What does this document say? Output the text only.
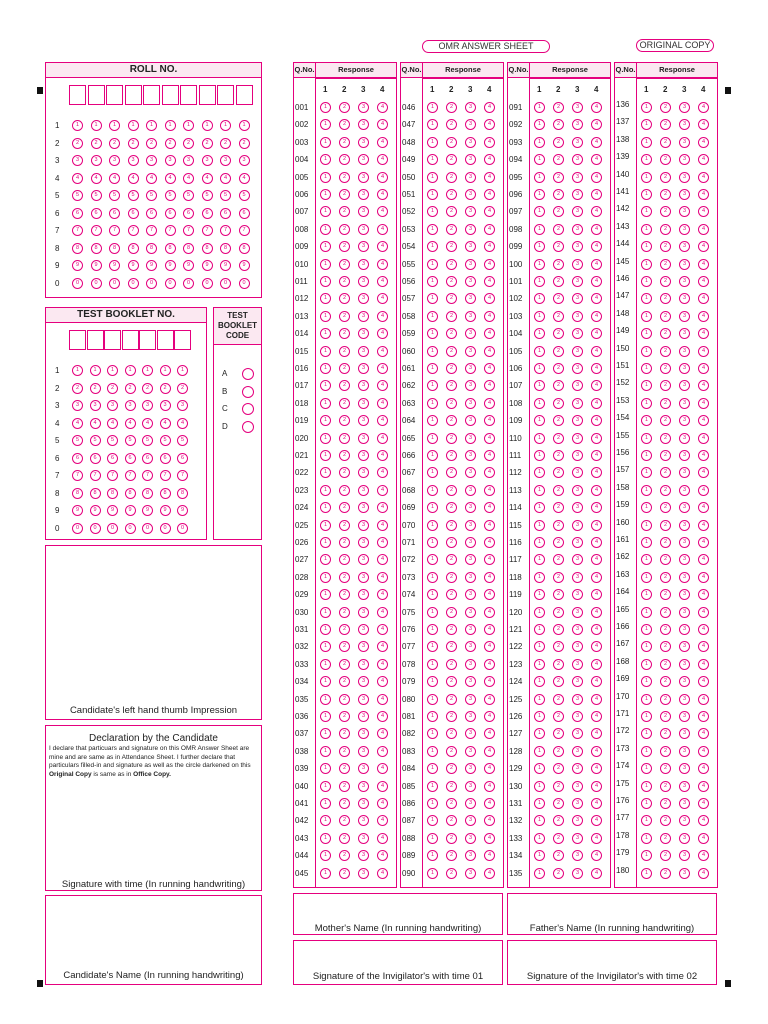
OMR ANSWER SHEET	ORIGINAL COPY
ROLL NO.
1	1	1	1	1	1	1	1	1	1	1
2	2	2	2	2	2	2	2	2	2	2
3	3	3	3	3	3	3	3	3	3	3
4	4	4	4	4	4	4	4	4	4	4
5	5	5	5	5	5	5	5	5	5	5
6	6	6	6	6	6	6	6	6	6	6
7	7	7	7	7	7	7	7	7	7	7
8	8	8	8	8	8	8	8	8	8	8
9	9	9	9	9	9	9	9	9	9	9
0	0	0	0	0	0	0	0	0	0	0
TEST BOOKLET NO.
1	1	1	1	1	1	1	1
2	2	2	2	2	2	2	2
3	3	3	3	3	3	3	3
4	4	4	4	4	4	4	4
5	5	5	5	5	5	5	5
6	6	6	6	6	6	6	6
7	7	7	7	7	7	7	7
8	8	8	8	8	8	8	8
9	9	9	9	9	9	9	9
0	0	0	0	0	0	0	0
TEST
BOOKLET
CODE
A
B
C
D
Candidate's left hand thumb Impression
Declaration by the Candidate
I declare that particuars and signature on this OMR Answer Sheet are mine and are same as in Attendance Sheet. I further declare that particulars filled-in and signature as well as the circle darkened on this Original Copy is same as in Office Copy.
Signature with time (In running handwriting)
Candidate's Name (In running handwriting)
Q.No.	Response
1 2 3 4
001	1	2	3	4
002	1	2	3	4
003	1	2	3	4
004	1	2	3	4
005	1	2	3	4
006	1	2	3	4
007	1	2	3	4
008	1	2	3	4
009	1	2	3	4
010	1	2	3	4
011	1	2	3	4
012	1	2	3	4
013	1	2	3	4
014	1	2	3	4
015	1	2	3	4
016	1	2	3	4
017	1	2	3	4
018	1	2	3	4
019	1	2	3	4
020	1	2	3	4
021	1	2	3	4
022	1	2	3	4
023	1	2	3	4
024	1	2	3	4
025	1	2	3	4
026	1	2	3	4
027	1	2	3	4
028	1	2	3	4
029	1	2	3	4
030	1	2	3	4
031	1	2	3	4
032	1	2	3	4
033	1	2	3	4
034	1	2	3	4
035	1	2	3	4
036	1	2	3	4
037	1	2	3	4
038	1	2	3	4
039	1	2	3	4
040	1	2	3	4
041	1	2	3	4
042	1	2	3	4
043	1	2	3	4
044	1	2	3	4
045	1	2	3	4
Q.No.	Response
1 2 3 4
046	1	2	3	4
047	1	2	3	4
048	1	2	3	4
049	1	2	3	4
050	1	2	3	4
051	1	2	3	4
052	1	2	3	4
053	1	2	3	4
054	1	2	3	4
055	1	2	3	4
056	1	2	3	4
057	1	2	3	4
058	1	2	3	4
059	1	2	3	4
060	1	2	3	4
061	1	2	3	4
062	1	2	3	4
063	1	2	3	4
064	1	2	3	4
065	1	2	3	4
066	1	2	3	4
067	1	2	3	4
068	1	2	3	4
069	1	2	3	4
070	1	2	3	4
071	1	2	3	4
072	1	2	3	4
073	1	2	3	4
074	1	2	3	4
075	1	2	3	4
076	1	2	3	4
077	1	2	3	4
078	1	2	3	4
079	1	2	3	4
080	1	2	3	4
081	1	2	3	4
082	1	2	3	4
083	1	2	3	4
084	1	2	3	4
085	1	2	3	4
086	1	2	3	4
087	1	2	3	4
088	1	2	3	4
089	1	2	3	4
090	1	2	3	4
Q.No.	Response
1 2 3 4
091	1	2	3	4
092	1	2	3	4
093	1	2	3	4
094	1	2	3	4
095	1	2	3	4
096	1	2	3	4
097	1	2	3	4
098	1	2	3	4
099	1	2	3	4
100	1	2	3	4
101	1	2	3	4
102	1	2	3	4
103	1	2	3	4
104	1	2	3	4
105	1	2	3	4
106	1	2	3	4
107	1	2	3	4
108	1	2	3	4
109	1	2	3	4
110	1	2	3	4
111	1	2	3	4
112	1	2	3	4
113	1	2	3	4
114	1	2	3	4
115	1	2	3	4
116	1	2	3	4
117	1	2	3	4
118	1	2	3	4
119	1	2	3	4
120	1	2	3	4
121	1	2	3	4
122	1	2	3	4
123	1	2	3	4
124	1	2	3	4
125	1	2	3	4
126	1	2	3	4
127	1	2	3	4
128	1	2	3	4
129	1	2	3	4
130	1	2	3	4
131	1	2	3	4
132	1	2	3	4
133	1	2	3	4
134	1	2	3	4
135	1	2	3	4
Q.No.	Response
1 2 3 4
136	1	2	3	4
137	1	2	3	4
138	1	2	3	4
139	1	2	3	4
140	1	2	3	4
141	1	2	3	4
142	1	2	3	4
143	1	2	3	4
144	1	2	3	4
145	1	2	3	4
146	1	2	3	4
147	1	2	3	4
148	1	2	3	4
149	1	2	3	4
150	1	2	3	4
151	1	2	3	4
152	1	2	3	4
153	1	2	3	4
154	1	2	3	4
155	1	2	3	4
156	1	2	3	4
157	1	2	3	4
158	1	2	3	4
159	1	2	3	4
160	1	2	3	4
161	1	2	3	4
162	1	2	3	4
163	1	2	3	4
164	1	2	3	4
165	1	2	3	4
166	1	2	3	4
167	1	2	3	4
168	1	2	3	4
169	1	2	3	4
170	1	2	3	4
171	1	2	3	4
172	1	2	3	4
173	1	2	3	4
174	1	2	3	4
175	1	2	3	4
176	1	2	3	4
177	1	2	3	4
178	1	2	3	4
179	1	2	3	4
180	1	2	3	4
Mother's Name (In running handwriting)	Father's Name (In running handwriting)
Signature of the Invigilator's with time 01	Signature of the Invigilator's with time 02
